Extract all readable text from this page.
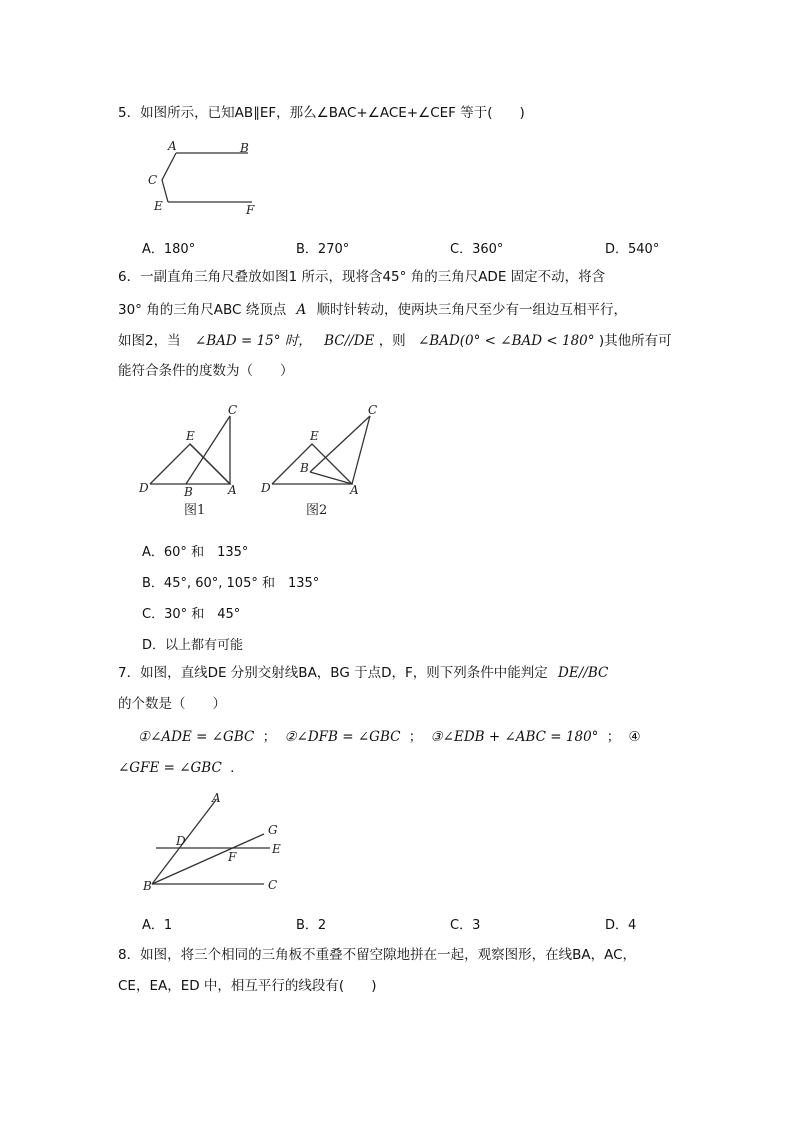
5．如图所示，已知AB∥EF，那么∠BAC+∠ACE+∠CEF 等于(　　)
A	B
C
E	F
A．180°	B．270°	C．360°	D．540°
6．一副直角三角尺叠放如图1 所示，现将含45° 角的三角尺ADE 固定不动，将含
30° 角的三角尺ABC 绕顶点 A 顺时针转动，使两块三角尺至少有一组边互相平行，
如图2，当 ∠BAD = 15° 时， BC//DE ，则 ∠BAD(0° < ∠BAD < 180° )其他所有可
能符合条件的度数为（　　）
D
E
C
B	A
图1
D
E
C
B
A
图2
A．60° 和　135°
B．45°, 60°, 105° 和　135°
C．30° 和　45°
D．以上都有可能
7．如图，直线DE 分别交射线BA，BG 于点D，F，则下列条件中能判定 DE//BC
的个数是（　　）
①∠ADE = ∠GBC ； ②∠DFB = ∠GBC ； ③∠EDB + ∠ABC = 180° ； ④
∠GFE = ∠GBC .
A
G
D
E
F
B	C
A．1	B．2	C．3	D．4
8．如图，将三个相同的三角板不重叠不留空隙地拼在一起，观察图形，在线BA，AC，
CE，EA，ED 中，相互平行的线段有(　　)
